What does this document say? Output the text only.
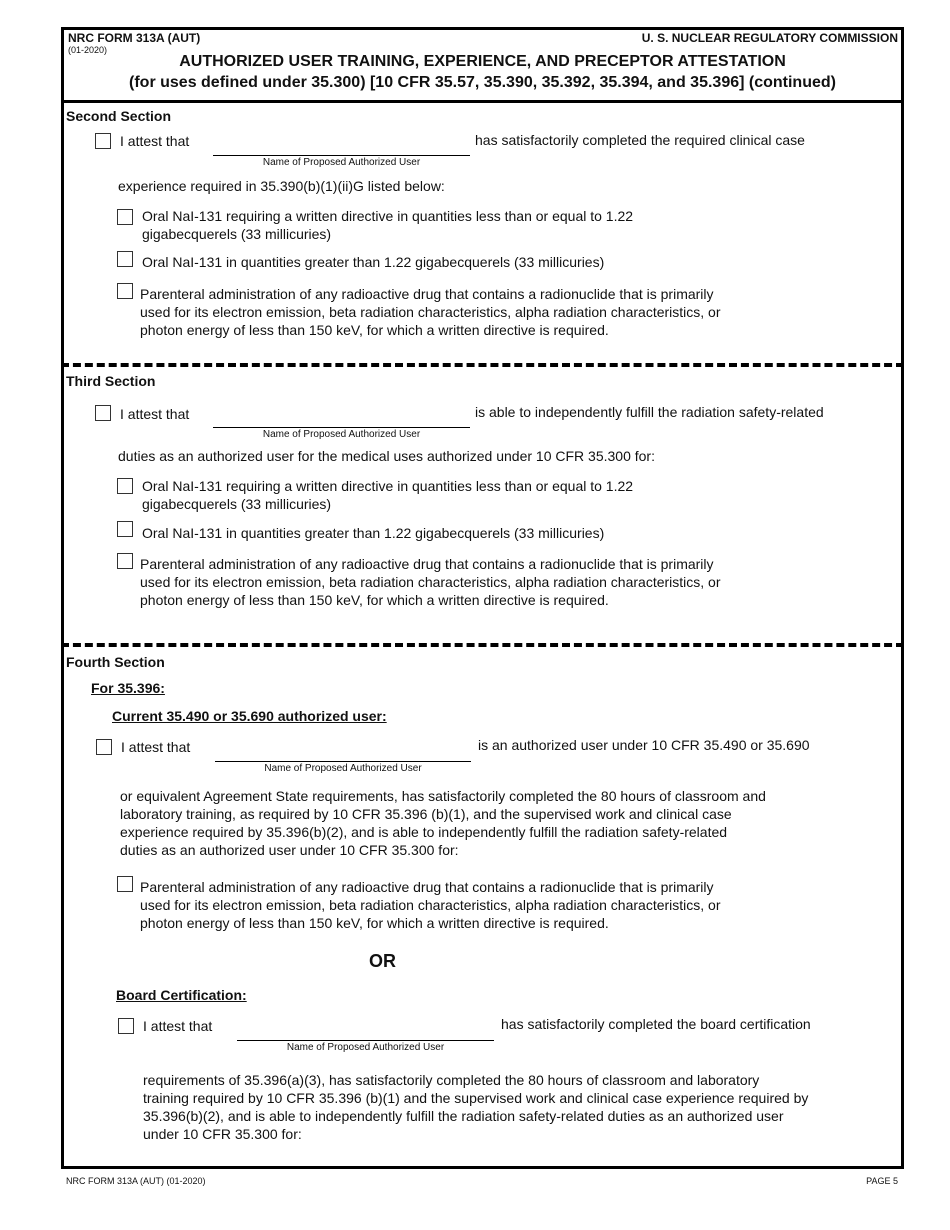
NRC FORM 313A (AUT)
(01-2020)
U. S. NUCLEAR REGULATORY COMMISSION
AUTHORIZED USER TRAINING, EXPERIENCE, AND PRECEPTOR ATTESTATION
(for uses defined under 35.300) [10 CFR 35.57, 35.390, 35.392, 35.394, and 35.396] (continued)
Second Section
I attest that
Name of Proposed Authorized User
has satisfactorily completed the required clinical case
experience required in 35.390(b)(1)(ii)G listed below:
Oral NaI-131 requiring a written directive in quantities less than or equal to 1.22
gigabecquerels (33 millicuries)
Oral NaI-131 in quantities greater than 1.22 gigabecquerels (33 millicuries)
Parenteral administration of any radioactive drug that contains a radionuclide that is primarily
used for its electron emission, beta radiation characteristics, alpha radiation characteristics, or
photon energy of less than 150 keV, for which a written directive is required.
Third Section
I attest that
Name of Proposed Authorized User
is able to independently fulfill the radiation safety-related
duties as an authorized user for the medical uses authorized under 10 CFR 35.300 for:
Oral NaI-131 requiring a written directive in quantities less than or equal to 1.22
gigabecquerels (33 millicuries)
Oral NaI-131 in quantities greater than 1.22 gigabecquerels (33 millicuries)
Parenteral administration of any radioactive drug that contains a radionuclide that is primarily
used for its electron emission, beta radiation characteristics, alpha radiation characteristics, or
photon energy of less than 150 keV, for which a written directive is required.
Fourth Section
For 35.396:
Current 35.490 or 35.690 authorized user:
I attest that
Name of Proposed Authorized User
is an authorized user under 10 CFR 35.490 or 35.690
or equivalent Agreement State requirements, has satisfactorily completed the 80 hours of classroom and
laboratory training, as required by 10 CFR 35.396 (b)(1), and the supervised work and clinical case
experience required by 35.396(b)(2), and is able to independently fulfill the radiation safety-related
duties as an authorized user under 10 CFR 35.300 for:
Parenteral administration of any radioactive drug that contains a radionuclide that is primarily
used for its electron emission, beta radiation characteristics, alpha radiation characteristics, or
photon energy of less than 150 keV, for which a written directive is required.
OR
Board Certification:
I attest that
Name of Proposed Authorized User
has satisfactorily completed the board certification
requirements of 35.396(a)(3), has satisfactorily completed the 80 hours of classroom and laboratory
training required by 10 CFR 35.396 (b)(1) and the supervised work and clinical case experience required by
35.396(b)(2), and is able to independently fulfill the radiation safety-related duties as an authorized user
under 10 CFR 35.300 for:
NRC FORM 313A (AUT) (01-2020)	PAGE 5
